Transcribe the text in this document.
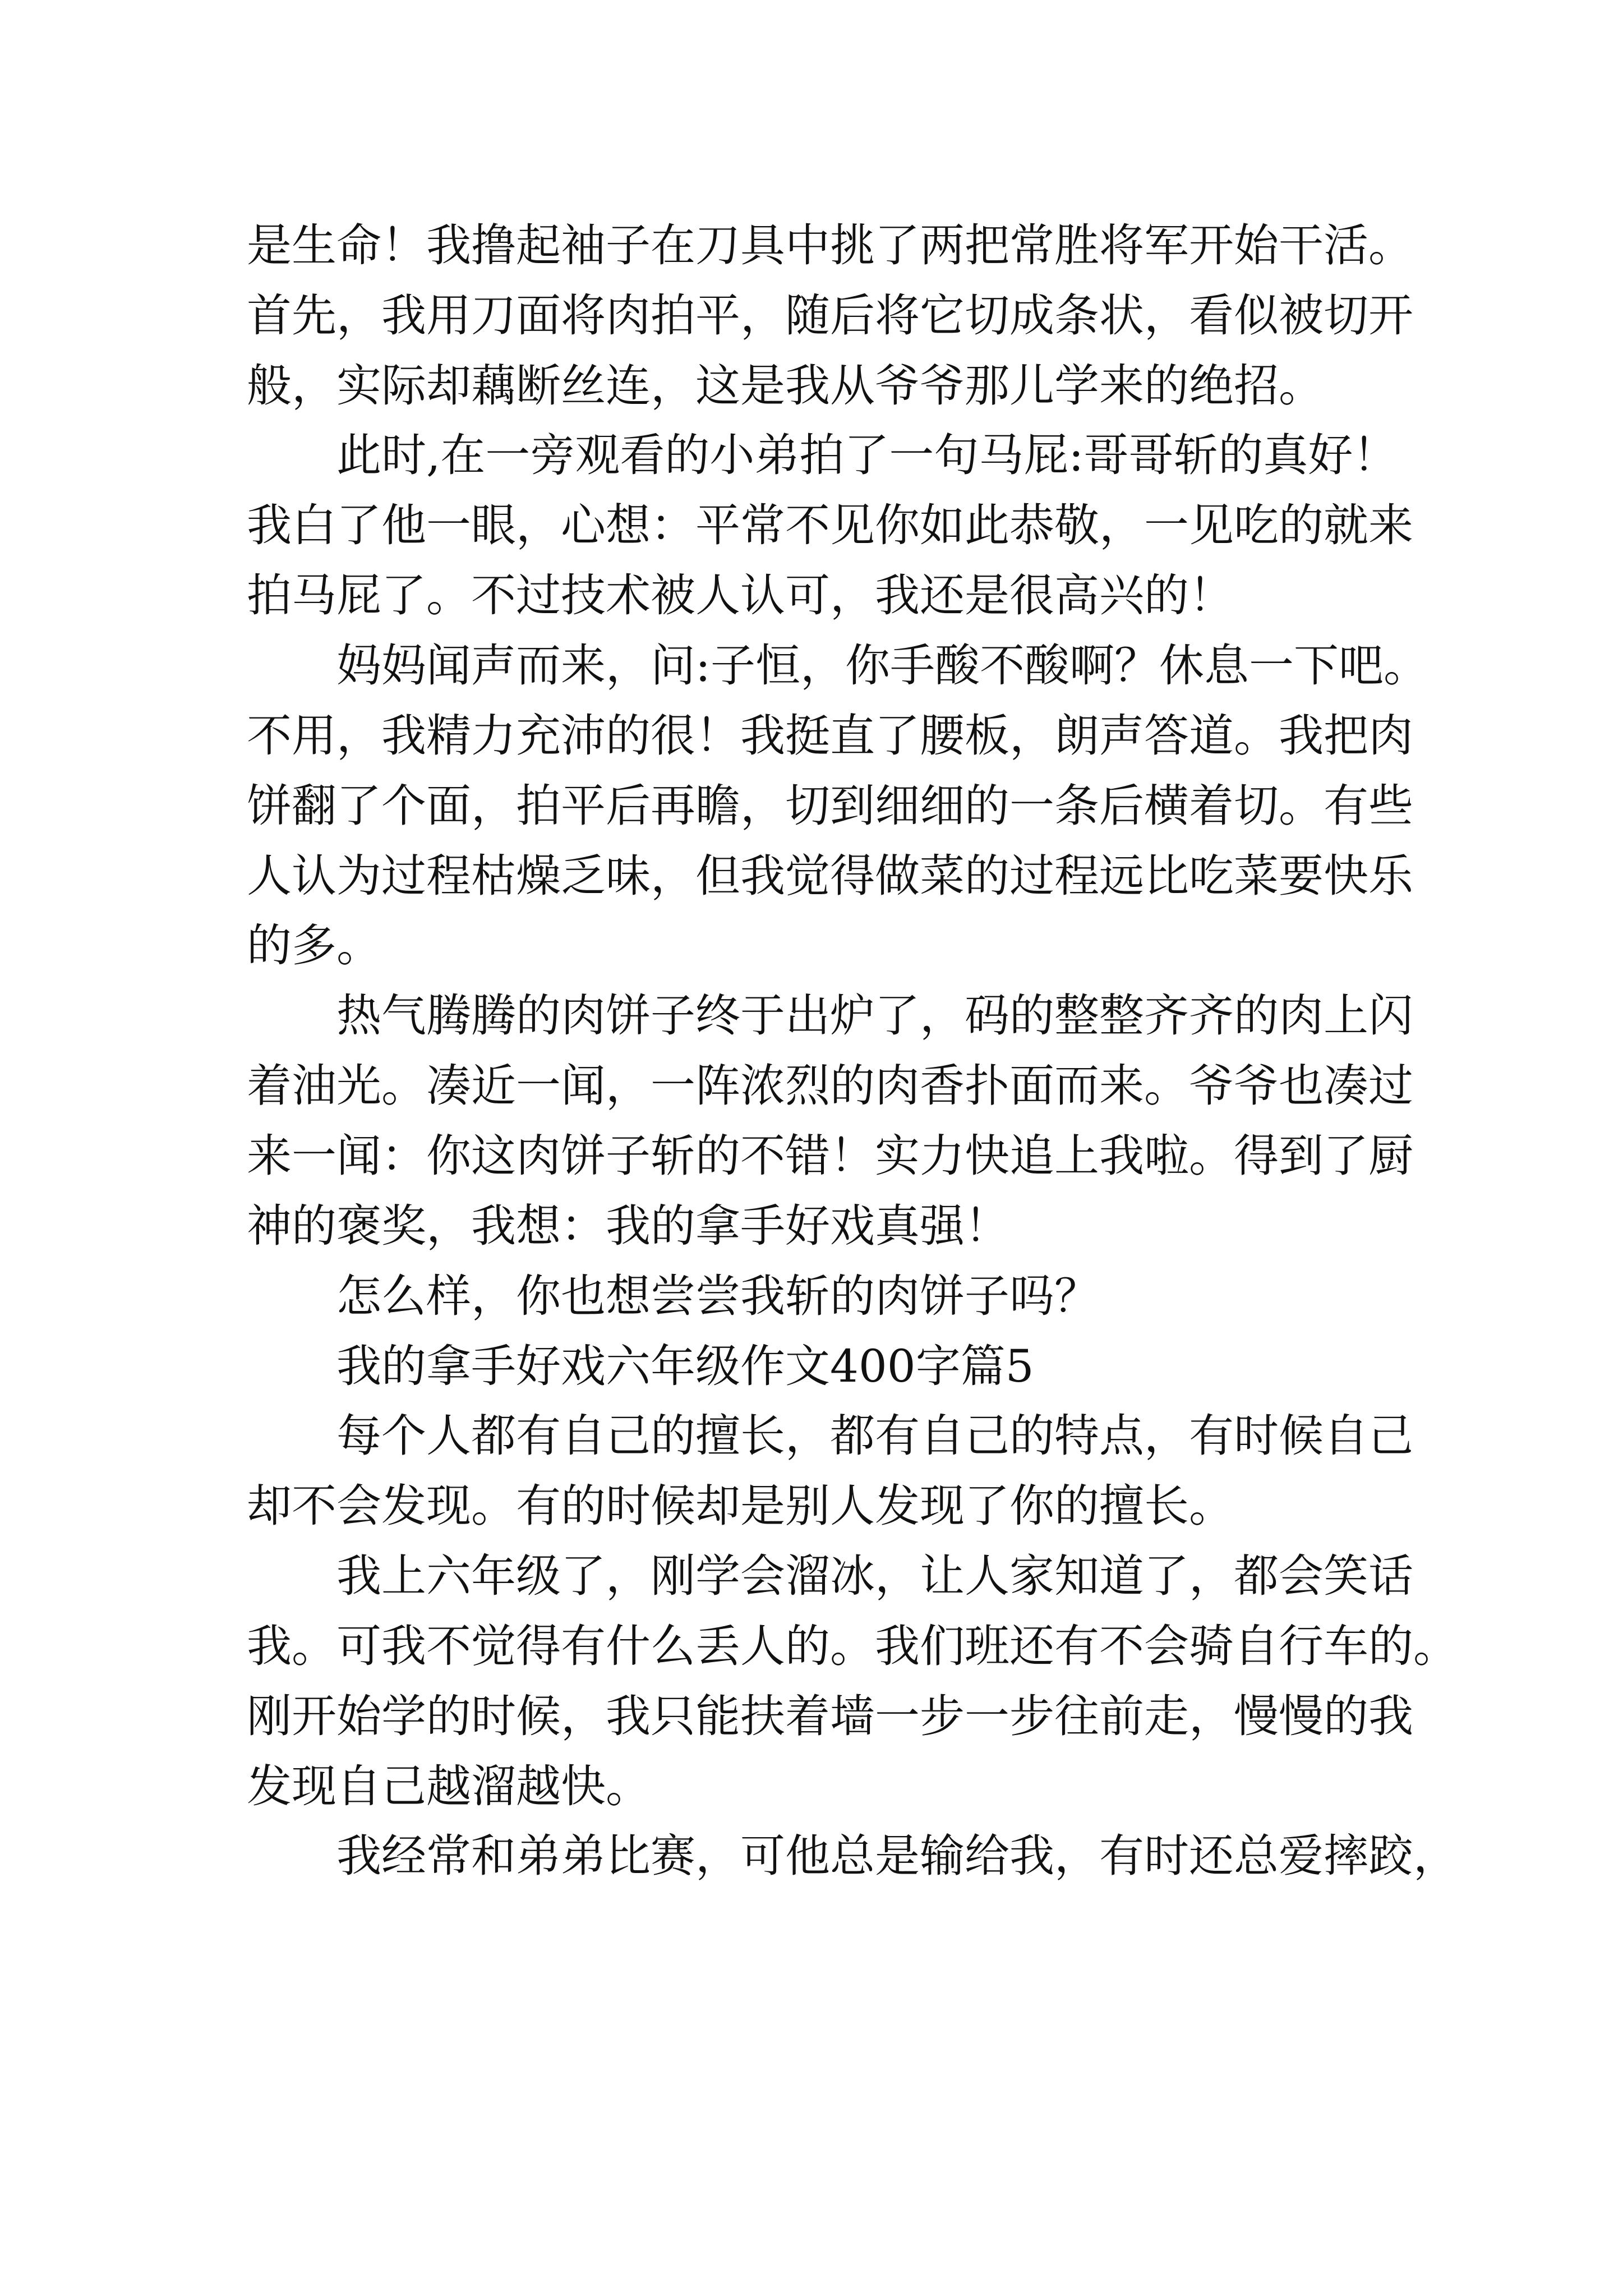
是生命！我撸起袖子在刀具中挑了两把常胜将军开始干活。
首先，我用刀面将肉拍平，随后将它切成条状，看似被切开
般，实际却藕断丝连，这是我从爷爷那儿学来的绝招。
此时,在一旁观看的小弟拍了一句马屁:哥哥斩的真好！
我白了他一眼，心想：平常不见你如此恭敬，一见吃的就来
拍马屁了。不过技术被人认可，我还是很高兴的！
妈妈闻声而来，问:子恒，你手酸不酸啊？休息一下吧。
不用，我精力充沛的很！我挺直了腰板，朗声答道。我把肉
饼翻了个面，拍平后再瞻，切到细细的一条后横着切。有些
人认为过程枯燥乏味，但我觉得做菜的过程远比吃菜要快乐
的多。
热气腾腾的肉饼子终于出炉了，码的整整齐齐的肉上闪
着油光。凑近一闻，一阵浓烈的肉香扑面而来。爷爷也凑过
来一闻：你这肉饼子斩的不错！实力快追上我啦。得到了厨
神的褒奖，我想：我的拿手好戏真强！
怎么样，你也想尝尝我斩的肉饼子吗？
我的拿手好戏六年级作文400字篇5
每个人都有自己的擅长，都有自己的特点，有时候自己
却不会发现。有的时候却是别人发现了你的擅长。
我上六年级了，刚学会溜冰，让人家知道了，都会笑话
我。可我不觉得有什么丢人的。我们班还有不会骑自行车的。
刚开始学的时候，我只能扶着墙一步一步往前走，慢慢的我
发现自己越溜越快。
我经常和弟弟比赛，可他总是输给我，有时还总爱摔跤，
